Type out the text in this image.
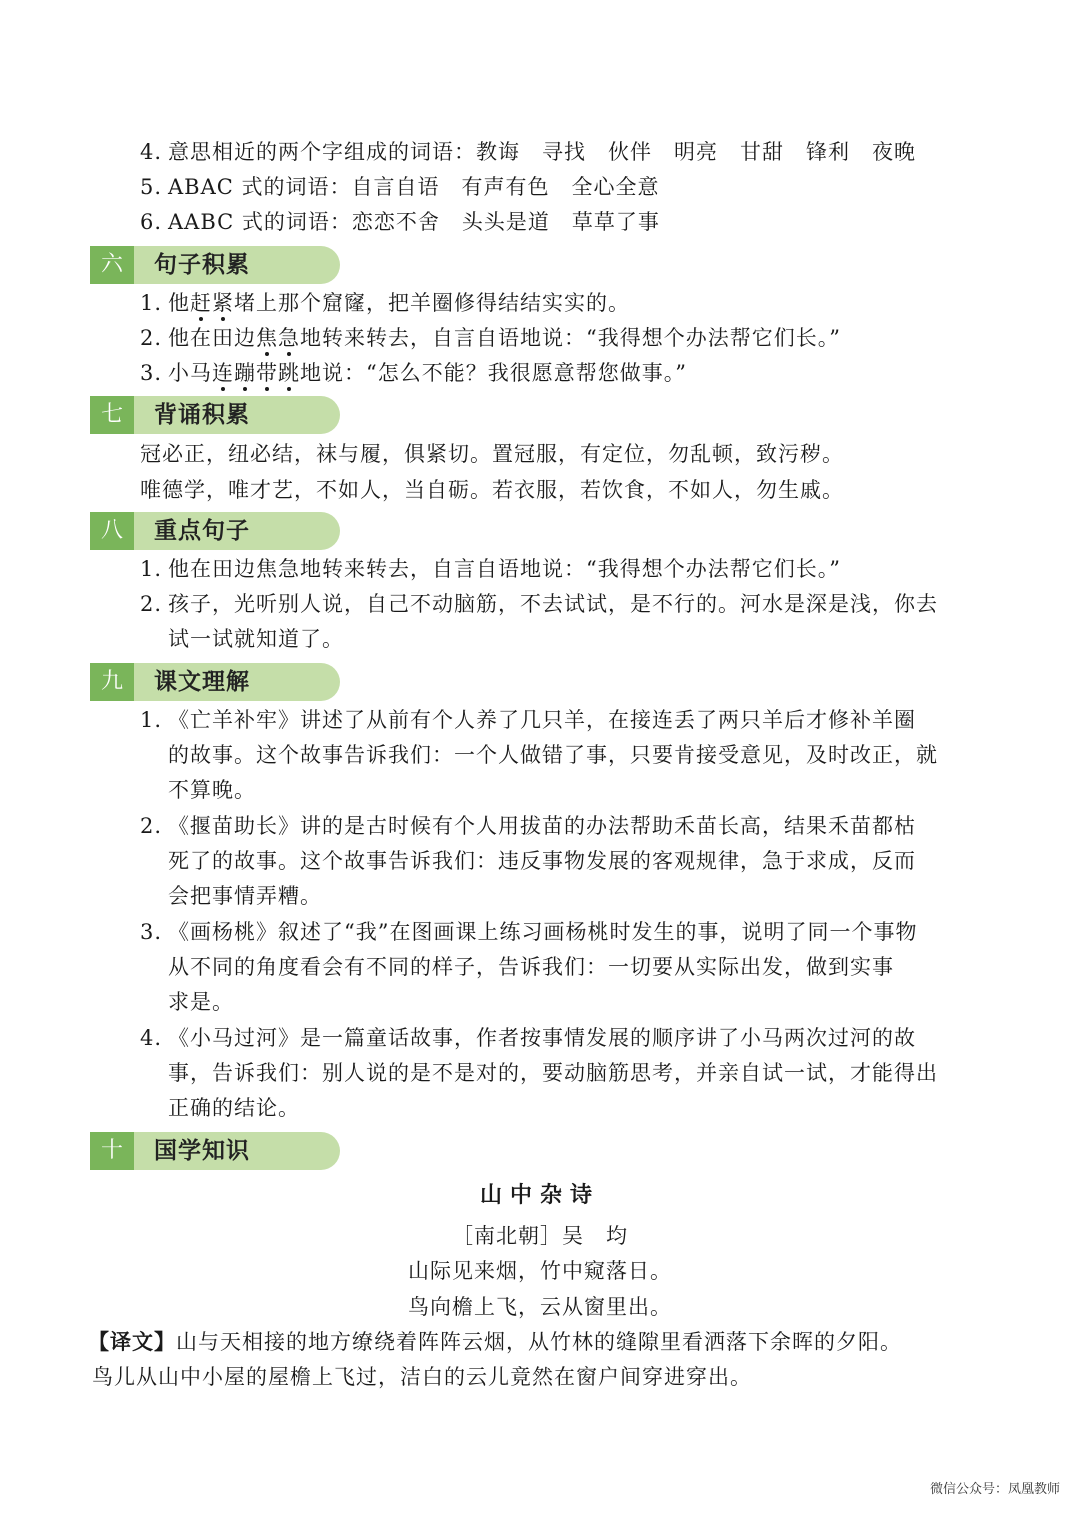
4. 意思相近的两个字组成的词语：教诲 寻找 伙伴 明亮 甘甜 锋利 夜晚
5. ABAC 式的词语：自言自语 有声有色 全心全意
6. AABC 式的词语：恋恋不舍 头头是道 草草了事
六	句子积累
1. 他赶紧堵上那个窟窿，把羊圈修得结结实实的。
2. 他在田边焦急地转来转去，自言自语地说：“我得想个办法帮它们长。”
3. 小马连蹦带跳地说：“怎么不能？我很愿意帮您做事。”
七	背诵积累
冠必正，纽必结，袜与履，俱紧切。置冠服，有定位，勿乱顿，致污秽。
唯德学，唯才艺，不如人，当自砺。若衣服，若饮食，不如人，勿生戚。
八	重点句子
1. 他在田边焦急地转来转去，自言自语地说：“我得想个办法帮它们长。”
2. 孩子，光听别人说，自己不动脑筋，不去试试，是不行的。河水是深是浅，你去
试一试就知道了。
九	课文理解
1. 《亡羊补牢》讲述了从前有个人养了几只羊，在接连丢了两只羊后才修补羊圈
的故事。这个故事告诉我们：一个人做错了事，只要肯接受意见，及时改正，就
不算晚。
2. 《揠苗助长》讲的是古时候有个人用拔苗的办法帮助禾苗长高，结果禾苗都枯
死了的故事。这个故事告诉我们：违反事物发展的客观规律，急于求成，反而
会把事情弄糟。
3. 《画杨桃》叙述了“我”在图画课上练习画杨桃时发生的事，说明了同一个事物
从不同的角度看会有不同的样子，告诉我们：一切要从实际出发，做到实事
求是。
4. 《小马过河》是一篇童话故事，作者按事情发展的顺序讲了小马两次过河的故
事，告诉我们：别人说的是不是对的，要动脑筋思考，并亲自试一试，才能得出
正确的结论。
十	国学知识
山中杂诗
［南北朝］吴　均
山际见来烟，竹中窥落日。
鸟向檐上飞，云从窗里出。
【译文】山与天相接的地方缭绕着阵阵云烟，从竹林的缝隙里看洒落下余晖的夕阳。
鸟儿从山中小屋的屋檐上飞过，洁白的云儿竟然在窗户间穿进穿出。
微信公众号：凤凰教师
